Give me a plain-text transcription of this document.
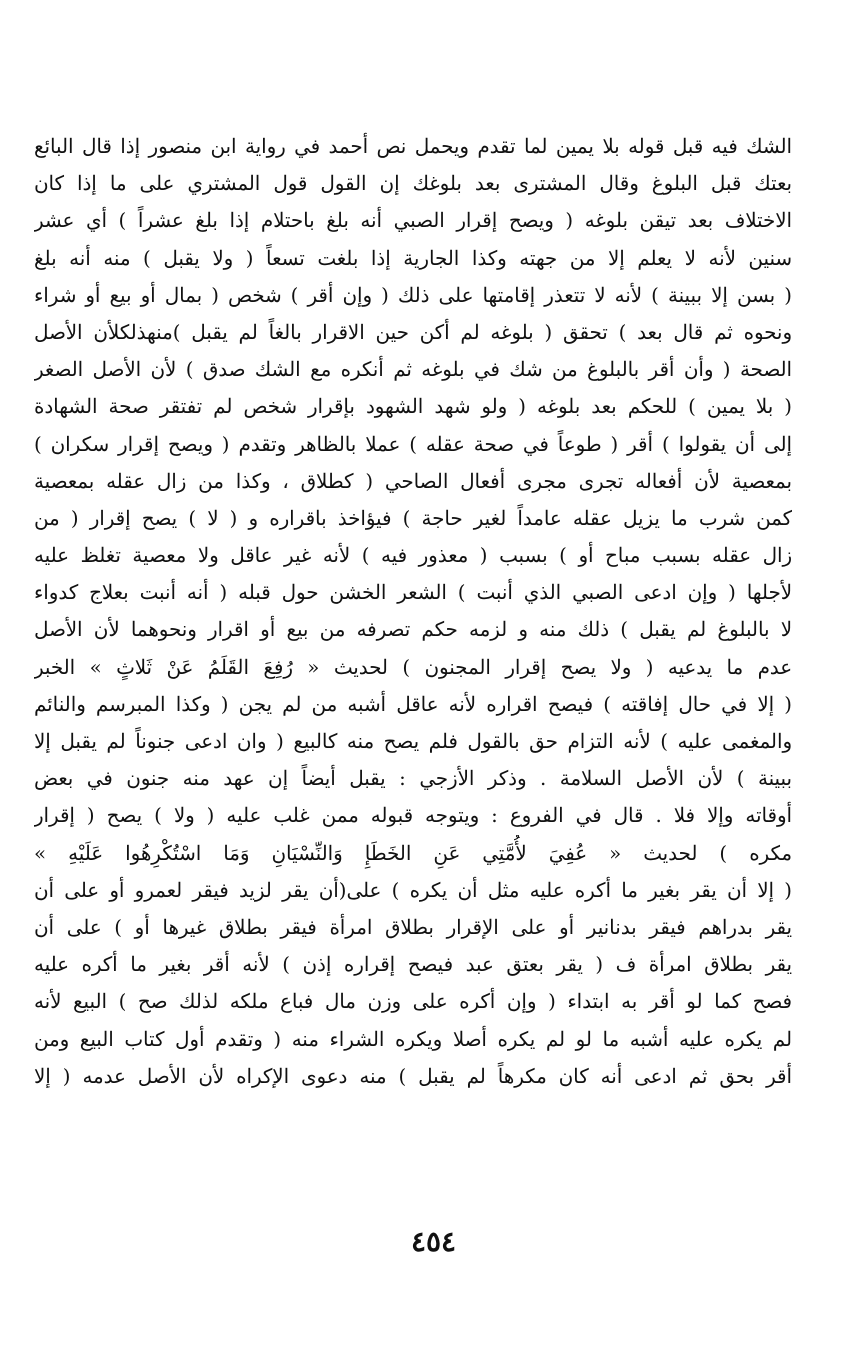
الشك فيه قبل قوله بلا يمين لما تقدم ويحمل نص أحمد في رواية ابن منصور إذا قال البائع
بعتك قبل البلوغ وقال المشترى بعد بلوغك إن القول قول المشتري على ما إذا كان
الاختلاف بعد تيقن بلوغه ( ويصح إقرار الصبي أنه بلغ باحتلام إذا بلغ عشراً ) أي عشر
سنين لأنه لا يعلم إلا من جهته وكذا الجارية إذا بلغت تسعاً ( ولا يقبل ) منه أنه بلغ
( بسن إلا ببينة ) لأنه لا تتعذر إقامتها على ذلك ( وإن أقر ) شخص ( بمال أو بيع أو شراء
ونحوه ثم قال بعد ) تحقق ( بلوغه لم أكن حين الاقرار بالغاً لم يقبل )منهذلكلأن الأصل
الصحة ( وأن أقر بالبلوغ من شك في بلوغه ثم أنكره مع الشك صدق ) لأن الأصل الصغر
( بلا يمين ) للحكم بعد بلوغه ( ولو شهد الشهود بإقرار شخص لم تفتقر صحة الشهادة
إلى أن يقولوا ) أقر ( طوعاً في صحة عقله ) عملا بالظاهر وتقدم ( ويصح إقرار سكران )
بمعصية لأن أفعاله تجرى مجرى أفعال الصاحي ( كطلاق ، وكذا من زال عقله بمعصية
كمن شرب ما يزيل عقله عامداً لغير حاجة ) فيؤاخذ باقراره و ( لا ) يصح إقرار ( من
زال عقله بسبب مباح أو ) بسبب ( معذور فيه ) لأنه غير عاقل ولا معصية تغلظ عليه
لأجلها ( وإن ادعى الصبي الذي أنبت ) الشعر الخشن حول قبله ( أنه أنبت بعلاج كدواء
لا بالبلوغ لم يقبل ) ذلك منه و لزمه حكم تصرفه من بيع أو اقرار ونحوهما لأن الأصل
عدم ما يدعيه ( ولا يصح إقرار المجنون ) لحديث « رُفِعَ القَلَمُ عَنْ ثَلاثٍ » الخبر
( إلا في حال إفاقته ) فيصح اقراره لأنه عاقل أشبه من لم يجن ( وكذا المبرسم والنائم
والمغمى عليه ) لأنه التزام حق بالقول فلم يصح منه كالبيع ( وان ادعى جنوناً لم يقبل إلا
ببينة ) لأن الأصل السلامة . وذكر الأزجي : يقبل أيضاً إن عهد منه جنون في بعض
أوقاته وإلا فلا . قال في الفروع : ويتوجه قبوله ممن غلب عليه ( ولا ) يصح ( إقرار
مكره ) لحديث « عُفِيَ لأُمَّتِي عَنِ الخَطَإِ وَالنِّسْيَانِ وَمَا اسْتُكْرِهُوا عَلَيْهِ »
( إلا أن يقر بغير ما أكره عليه مثل أن يكره ) على(أن يقر لزيد فيقر لعمرو أو على أن
يقر بدراهم فيقر بدنانير أو على الإقرار بطلاق امرأة فيقر بطلاق غيرها أو ) على أن
يقر بطلاق امرأة ف ( يقر بعتق عبد فيصح إقراره إذن ) لأنه أقر بغير ما أكره عليه
فصح كما لو أقر به ابتداء ( وإن أكره على وزن مال فباع ملكه لذلك صح ) البيع لأنه
لم يكره عليه أشبه ما لو لم يكره أصلا ويكره الشراء منه ( وتقدم أول كتاب البيع ومن
أقر بحق ثم ادعى أنه كان مكرهاً لم يقبل ) منه دعوى الإكراه لأن الأصل عدمه ( إلا
٤٥٤
